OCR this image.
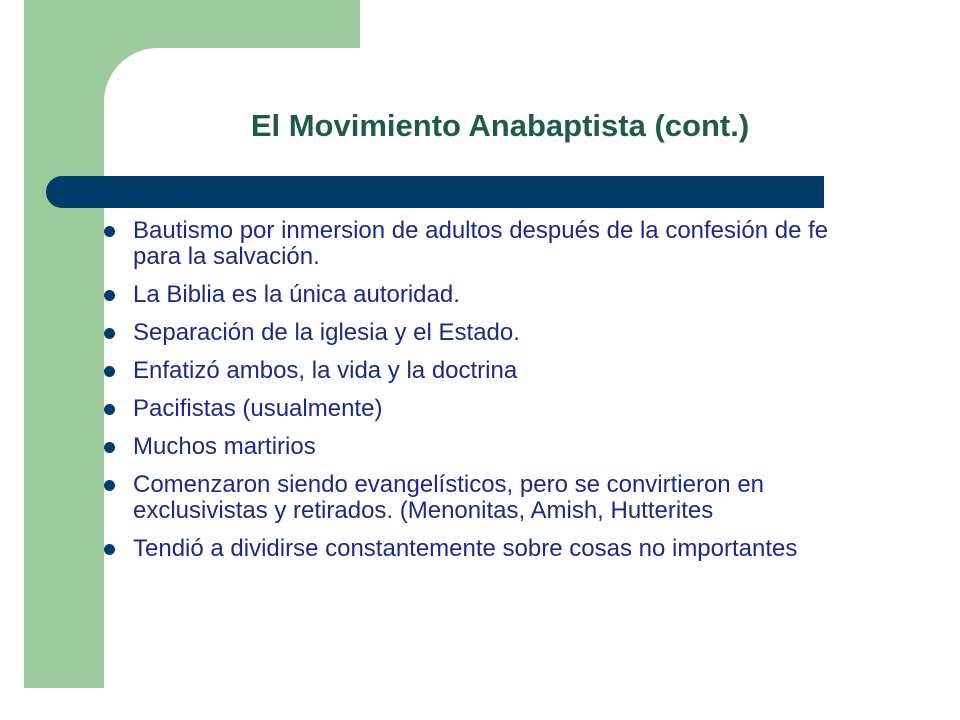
El Movimiento Anabaptista (cont.)
Bautismo por inmersion de adultos después de la confesión de fe para la salvación.
La Biblia es la única autoridad.
Separación de la iglesia y el Estado.
Enfatizó ambos, la vida y la doctrina
Pacifistas (usualmente)
Muchos martirios
Comenzaron siendo evangelísticos, pero se convirtieron en exclusivistas y retirados. (Menonitas, Amish, Hutterites
Tendió a dividirse constantemente sobre cosas no importantes
